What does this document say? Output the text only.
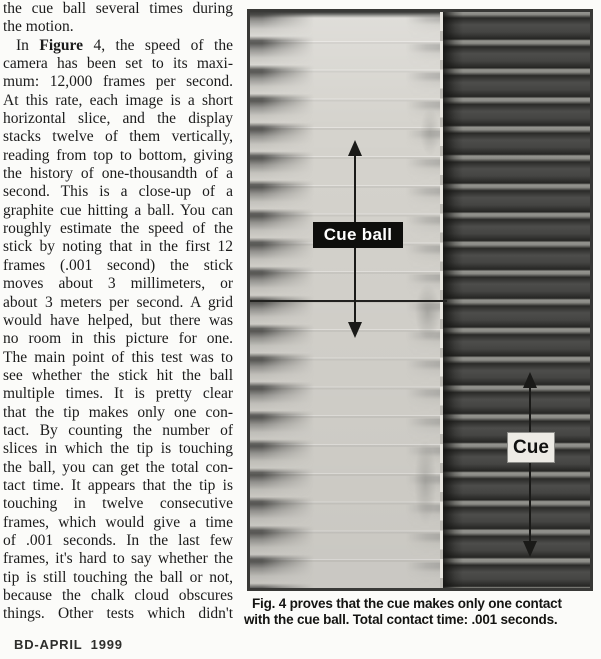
the cue ball several times during
the motion.
In Figure 4, the speed of the
camera has been set to its maxi-
mum: 12,000 frames per second.
At this rate, each image is a short
horizontal slice, and the display
stacks twelve of them vertically,
reading from top to bottom, giving
the history of one-thousandth of a
second. This is a close-up of a
graphite cue hitting a ball. You can
roughly estimate the speed of the
stick by noting that in the first 12
frames (.001 second) the stick
moves about 3 millimeters, or
about 3 meters per second. A grid
would have helped, but there was
no room in this picture for one.
The main point of this test was to
see whether the stick hit the ball
multiple times. It is pretty clear
that the tip makes only one con-
tact. By counting the number of
slices in which the tip is touching
the ball, you can get the total con-
tact time. It appears that the tip is
touching in twelve consecutive
frames, which would give a time
of .001 seconds. In the last few
frames, it's hard to say whether the
tip is still touching the ball or not,
because the chalk cloud obscures
things. Other tests which didn't
Cue ball
Cue
Fig. 4 proves that the cue makes only one contact
with the cue ball. Total contact time: .001 seconds.
BD-APRIL 1999
